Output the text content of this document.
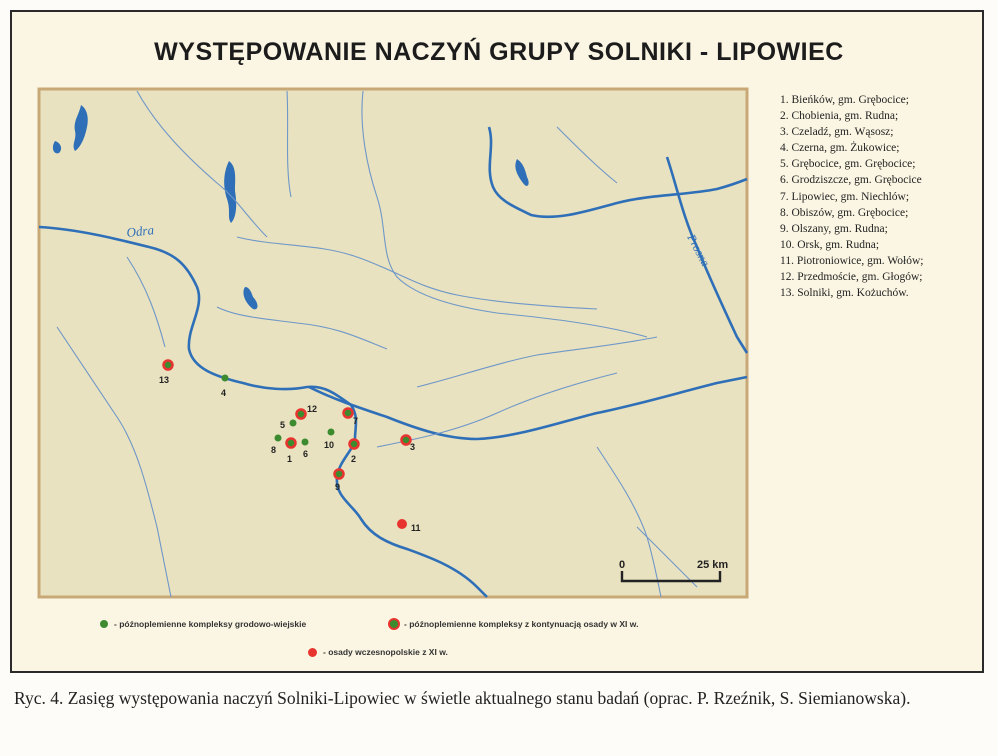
WYSTĘPOWANIE NACZYŃ GRUPY SOLNIKI - LIPOWIEC
Odra
Prosna
1	2
3
4
5
6
7
8
9
10
11
12
13
0	25 km
1. Bieńków, gm. Grębocice;
2. Chobienia, gm. Rudna;
3. Czeladź, gm. Wąsosz;
4. Czerna, gm. Żukowice;
5. Grębocice, gm. Grębocice;
6. Grodziszcze, gm. Grębocice
7. Lipowiec, gm. Niechlów;
8. Obiszów, gm. Grębocice;
9. Olszany, gm. Rudna;
10. Orsk, gm. Rudna;
11. Piotroniowice, gm. Wołów;
12. Przedmoście, gm. Głogów;
13. Solniki, gm. Kożuchów.
- późnoplemienne kompleksy grodowo-wiejskie	- późnoplemienne kompleksy z kontynuacją osady w XI w.
- osady wczesnopolskie z XI w.
Ryc. 4. Zasięg występowania naczyń Solniki-Lipowiec w świetle aktualnego stanu badań (oprac. P. Rzeźnik, S. Siemianowska).
